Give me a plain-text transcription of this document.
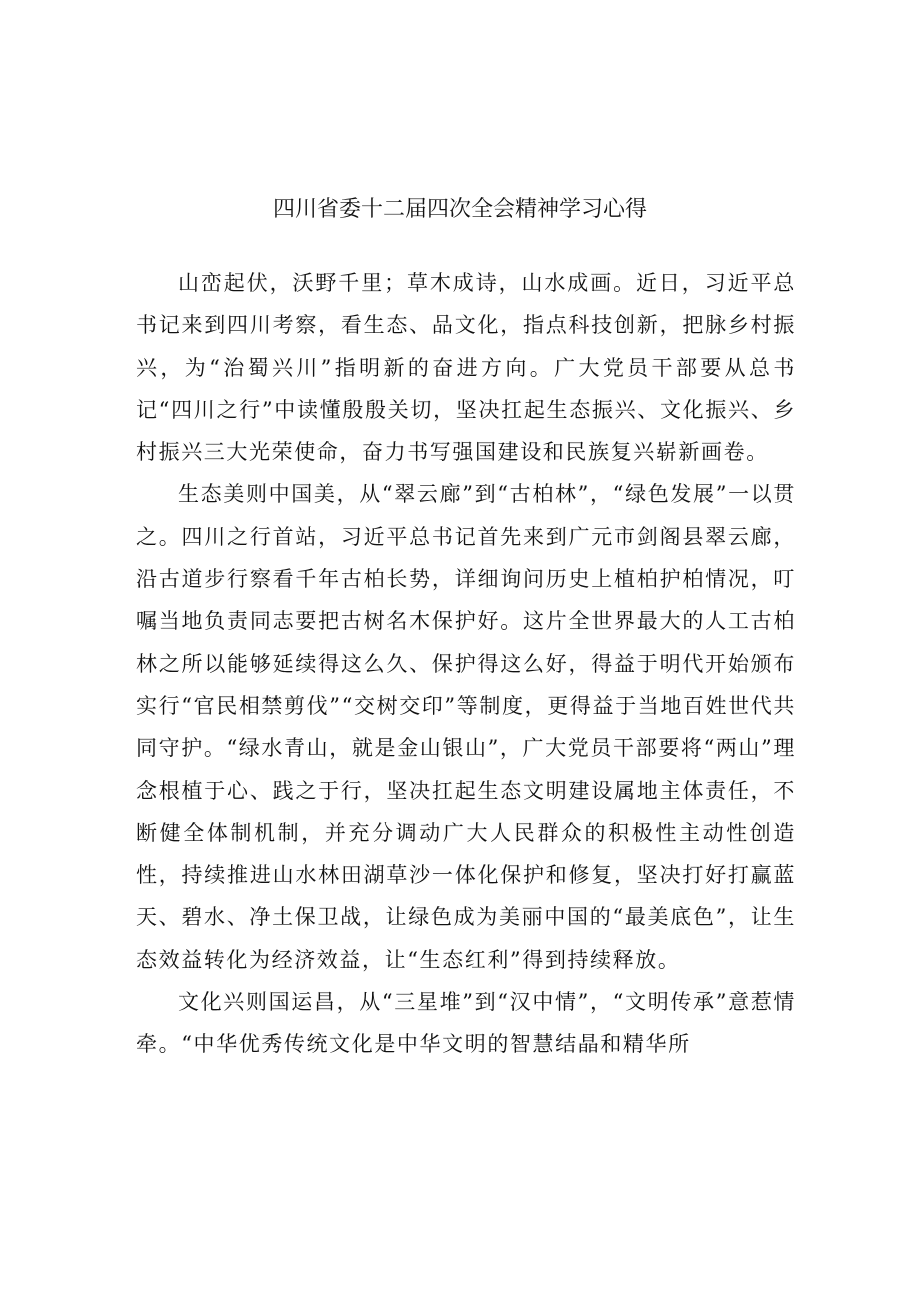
四川省委十二届四次全会精神学习心得

山峦起伏，沃野千里；草木成诗，山水成画。近日，习近平总书记来到四川考察，看生态、品文化，指点科技创新，把脉乡村振兴，为“治蜀兴川”指明新的奋进方向。广大党员干部要从总书记“四川之行”中读懂殷殷关切，坚决扛起生态振兴、文化振兴、乡村振兴三大光荣使命，奋力书写强国建设和民族复兴崭新画卷。

生态美则中国美，从“翠云廊”到“古柏林”，“绿色发展”一以贯之。四川之行首站，习近平总书记首先来到广元市剑阁县翠云廊，沿古道步行察看千年古柏长势，详细询问历史上植柏护柏情况，叮嘱当地负责同志要把古树名木保护好。这片全世界最大的人工古柏林之所以能够延续得这么久、保护得这么好，得益于明代开始颁布实行“官民相禁剪伐”“交树交印”等制度，更得益于当地百姓世代共同守护。“绿水青山，就是金山银山”，广大党员干部要将“两山”理念根植于心、践之于行，坚决扛起生态文明建设属地主体责任，不断健全体制机制，并充分调动广大人民群众的积极性主动性创造性，持续推进山水林田湖草沙一体化保护和修复，坚决打好打赢蓝天、碧水、净土保卫战，让绿色成为美丽中国的“最美底色”，让生态效益转化为经济效益，让“生态红利”得到持续释放。

文化兴则国运昌，从“三星堆”到“汉中情”，“文明传承”意惹情牵。“中华优秀传统文化是中华文明的智慧结晶和精华所
